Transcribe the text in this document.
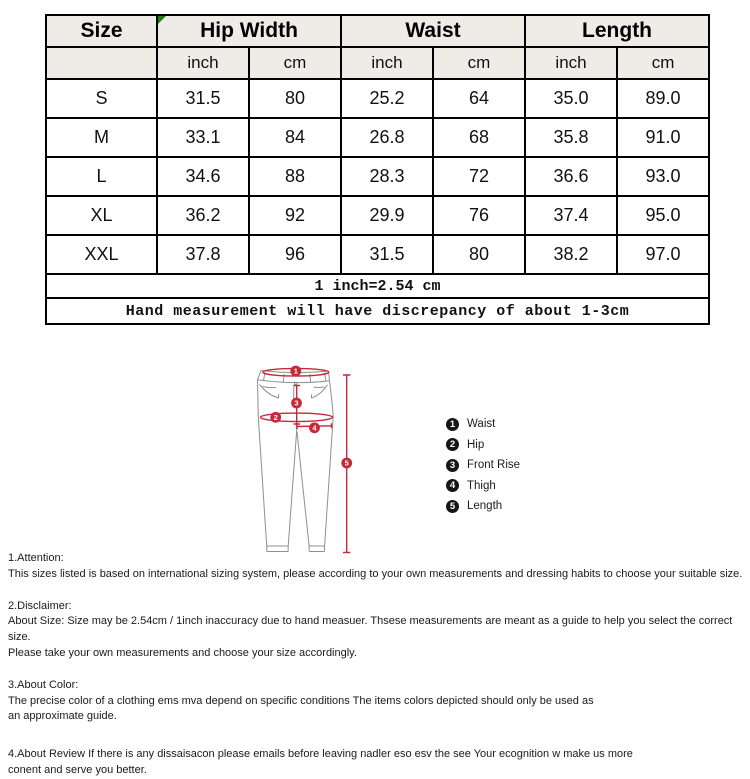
Size	Hip Width		Waist		Length	
	inch	cm	inch	cm	inch	cm
S	31.5	80	25.2	64	35.0	89.0
M	33.1	84	26.8	68	35.8	91.0
L	34.6	88	28.3	72	36.6	93.0
XL	36.2	92	29.9	76	37.4	95.0
XXL	37.8	96	31.5	80	38.2	97.0
1 inch=2.54 cm						
Hand measurement will have discrepancy of about 1-3cm						
1
2
3
4
5
1	Waist
2	Hip
3	Front Rise
4	Thigh
5	Length
1.Attention:
This sizes listed is based on international sizing system, please according to your own measurements and dressing habits to choose your suitable size.
2.Disclaimer:
About Size: Size may be 2.54cm / 1inch inaccuracy due to hand measuer. Thsese measurements are meant as a guide to help you select the correct size.
Please take your own measurements and choose your size accordingly.
3.About Color:
The precise color of a clothing ems mva depend on specific conditions The items colors depicted should only be used as
an approximate guide.
4.About Review If there is any dissaisacon please emails before leaving nadler eso esv the see Your ecognition w make us more
conent and serve you better.
